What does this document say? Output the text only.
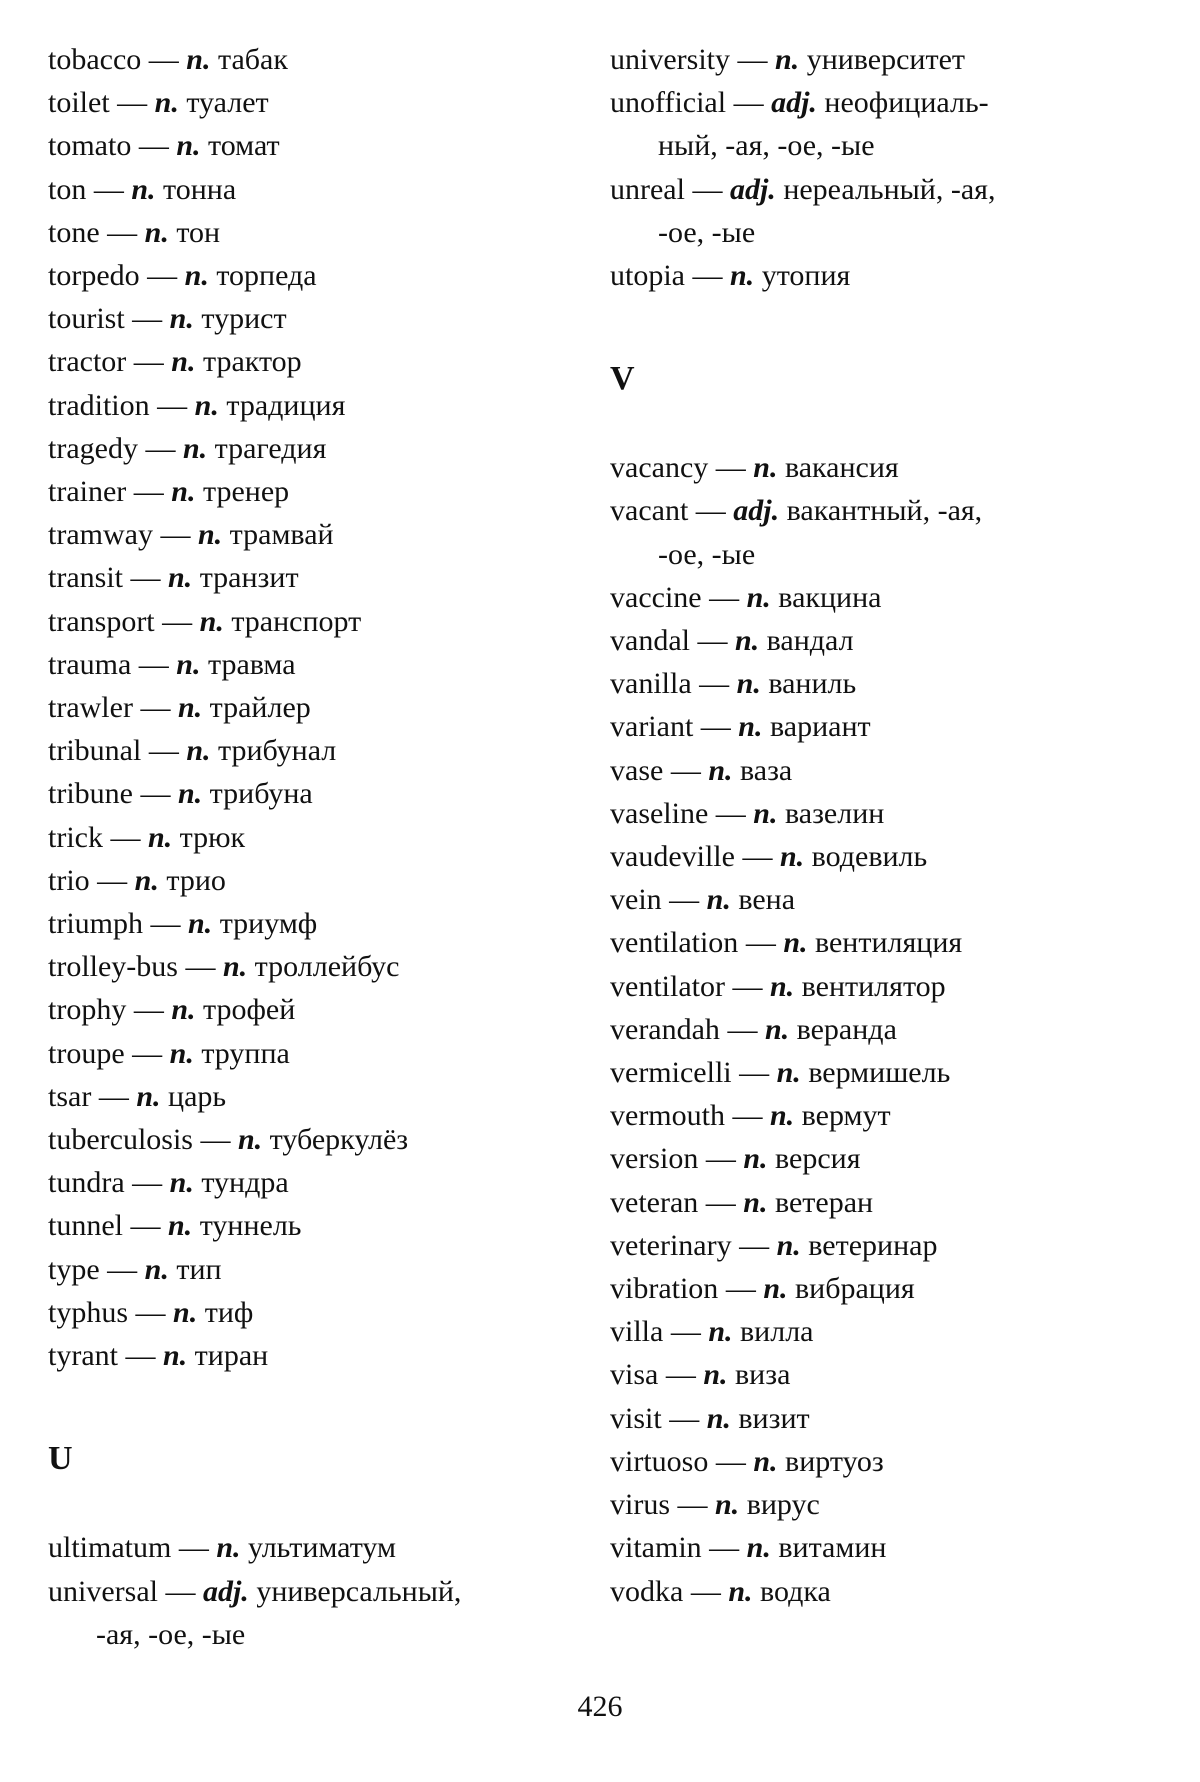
tobacco — n. табак
toilet — n. туалет
tomato — n. томат
ton — n. тонна
tone — n. тон
torpedo — n. торпеда
tourist — n. турист
tractor — n. трактор
tradition — n. традиция
tragedy — n. трагедия
trainer — n. тренер
tramway — n. трамвай
transit — n. транзит
transport — n. транспорт
trauma — n. травма
trawler — n. трайлер
tribunal — n. трибунал
tribune — n. трибуна
trick — n. трюк
trio — n. трио
triumph — n. триумф
trolley-bus — n. троллейбус
trophy — n. трофей
troupe — n. труппа
tsar — n. царь
tuberculosis — n. туберкулёз
tundra — n. тундра
tunnel — n. туннель
type — n. тип
typhus — n. тиф
tyrant — n. тиран
U
ultimatum — n. ультиматум
universal — adj. универсальный,
-ая, -ое, -ые
university — n. университет
unofficial — adj. неофициаль-
ный, -ая, -ое, -ые
unreal — adj. нереальный, -ая,
-ое, -ые
utopia — n. утопия
V
vacancy — n. вакансия
vacant — adj. вакантный, -ая,
-ое, -ые
vaccine — n. вакцина
vandal — n. вандал
vanilla — n. ваниль
variant — n. вариант
vase — n. ваза
vaseline — n. вазелин
vaudeville — n. водевиль
vein — n. вена
ventilation — n. вентиляция
ventilator — n. вентилятор
verandah — n. веранда
vermicelli — n. вермишель
vermouth — n. вермут
version — n. версия
veteran — n. ветеран
veterinary — n. ветеринар
vibration — n. вибрация
villa — n. вилла
visa — n. виза
visit — n. визит
virtuoso — n. виртуоз
virus — n. вирус
vitamin — n. витамин
vodka — n. водка
426
